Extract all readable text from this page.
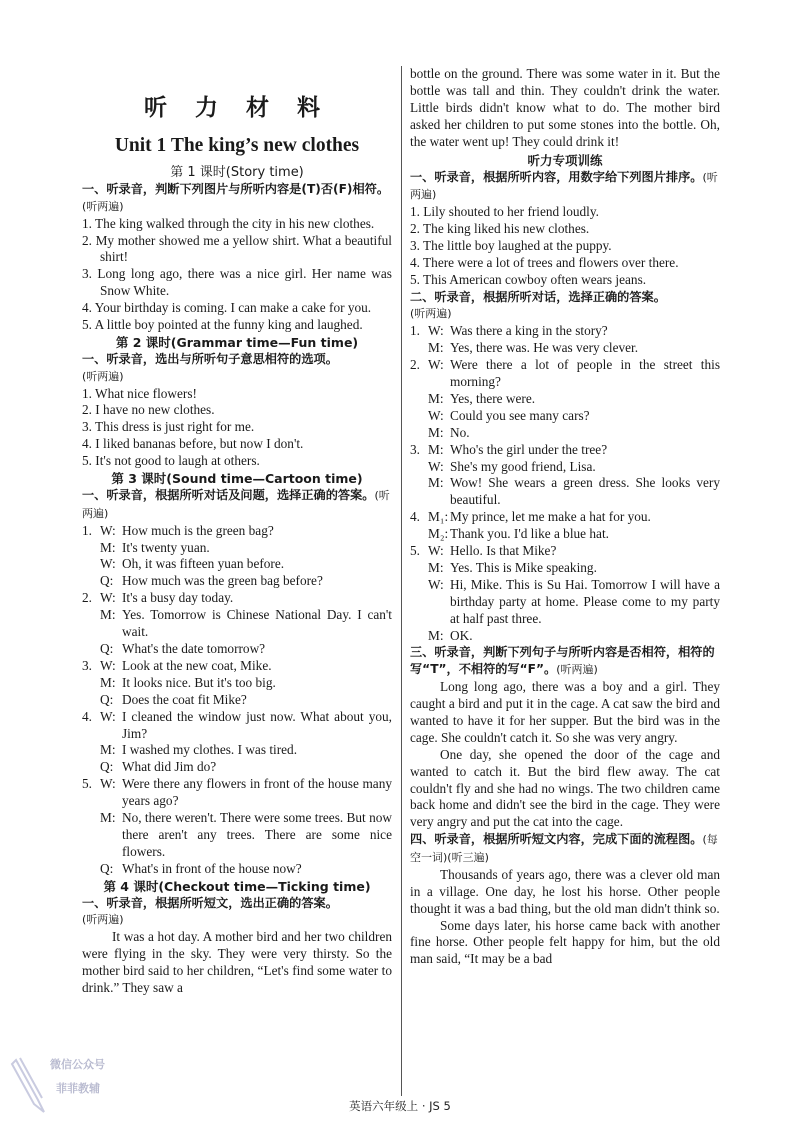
听 力 材 料
Unit 1 The king’s new clothes
第 1 课时(Story time)

一、听录音，判断下列图片与所听内容是(T)否(F)相符。(听两遍)

1. The king walked through the city in his new clothes.

2. My mother showed me a yellow shirt. What a beautiful shirt!

3. Long long ago, there was a nice girl. Her name was Snow White.

4. Your birthday is coming. I can make a cake for you.

5. A little boy pointed at the funny king and laughed.

第 2 课时(Grammar time—Fun time)

一、听录音，选出与所听句子意思相符的选项。
(听两遍)

1. What nice flowers!

2. I have no new clothes.

3. This dress is just right for me.

4. I liked bananas before, but now I don't.

5. It's not good to laugh at others.

第 3 课时(Sound time—Cartoon time)

一、听录音，根据所听对话及问题，选择正确的答案。(听两遍)

1. W: How much is the green bag?
M: It's twenty yuan.
W: Oh, it was fifteen yuan before.
Q: How much was the green bag before?
2. W: It's a busy day today.
M: Yes. Tomorrow is Chinese National Day. I can't wait.
Q: What's the date tomorrow?
3. W: Look at the new coat, Mike.
M: It looks nice. But it's too big.
Q: Does the coat fit Mike?
4. W: I cleaned the window just now. What about you, Jim?
M: I washed my clothes. I was tired.
Q: What did Jim do?
5. W: Were there any flowers in front of the house many years ago?
M: No, there weren't. There were some trees. But now there aren't any trees. There are some nice flowers.
Q: What's in front of the house now?
第 4 课时(Checkout time—Ticking time)

一、听录音，根据所听短文，选出正确的答案。
(听两遍)

It was a hot day. A mother bird and her two children were flying in the sky. They were very thirsty. So the mother bird said to her children, “Let's find some water to drink.” They saw a

bottle on the ground. There was some water in it. But the bottle was tall and thin. They couldn't drink the water. Little birds didn't know what to do. The mother bird asked her children to put some stones into the bottle. Oh, the water went up! They could drink it!

听力专项训练

一、听录音，根据所听内容，用数字给下列图片排序。(听两遍)

1. Lily shouted to her friend loudly.

2. The king liked his new clothes.

3. The little boy laughed at the puppy.

4. There were a lot of trees and flowers over there.

5. This American cowboy often wears jeans.

二、听录音，根据所听对话，选择正确的答案。
(听两遍)

1. W: Was there a king in the story?
M: Yes, there was. He was very clever.
2. W: Were there a lot of people in the street this morning?
M: Yes, there were.
W: Could you see many cars?
M: No.
3. M: Who's the girl under the tree?
W: She's my good friend, Lisa.
M: Wow! She wears a green dress. She looks very beautiful.
4. M₁: My prince, let me make a hat for you.
M₂: Thank you. I'd like a blue hat.
5. W: Hello. Is that Mike?
M: Yes. This is Mike speaking.
W: Hi, Mike. This is Su Hai. Tomorrow I will have a birthday party at home. Please come to my party at half past three.
M: OK.

三、听录音，判断下列句子与所听内容是否相符，相符的写“T”，不相符的写“F”。(听两遍)

Long long ago, there was a boy and a girl. They caught a bird and put it in the cage. A cat saw the bird and wanted to have it for her supper. But the bird was in the cage. She couldn't catch it. So she was very angry.

One day, she opened the door of the cage and wanted to catch it. But the bird flew away. The cat couldn't fly and she had no wings. The two children came back home and didn't see the bird in the cage. They were very angry and put the cat into the cage.

四、听录音，根据所听短文内容，完成下面的流程图。(每空一词)(听三遍)

Thousands of years ago, there was a clever old man in a village. One day, he lost his horse. Other people thought it was a bad thing, but the old man didn't think so.

Some days later, his horse came back with another fine horse. Other people felt happy for him, but the old man said, “It may be a bad

英语六年级上 · JS 5
微信公众号
菲菲教辅
